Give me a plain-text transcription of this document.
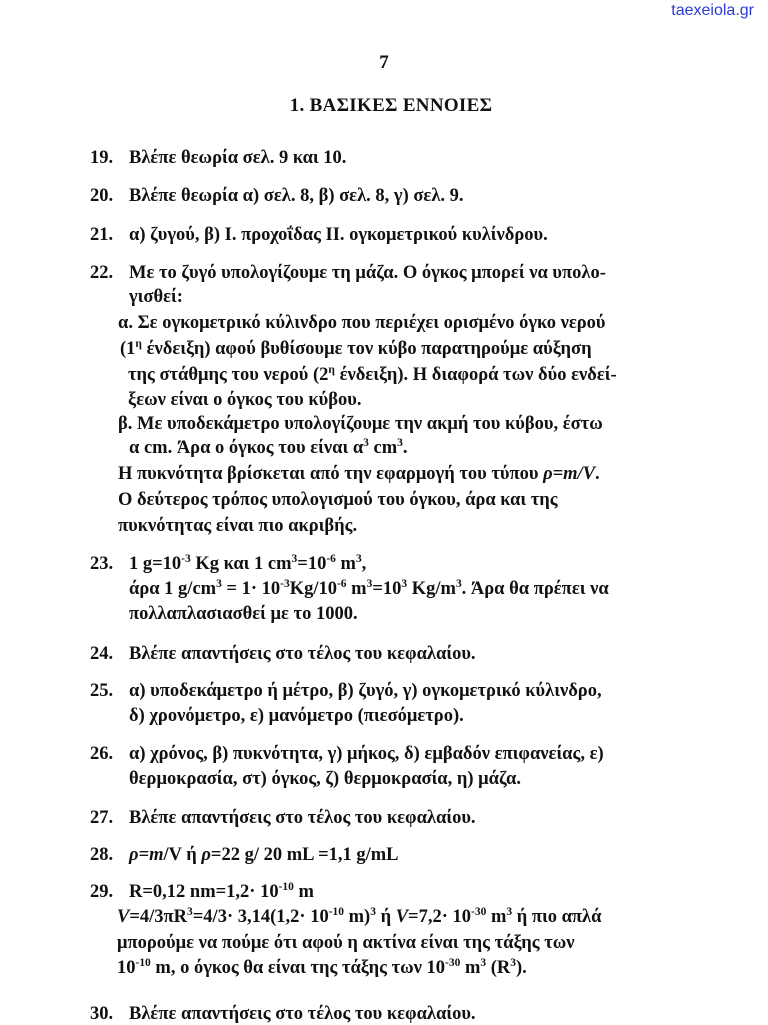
taexeiola.gr
7
1. ΒΑΣΙΚΕΣ ΕΝΝΟΙΕΣ
19. Βλέπε θεωρία σελ. 9 και 10.
20. Βλέπε θεωρία α) σελ. 8, β) σελ. 8, γ) σελ. 9.
21. α) ζυγού, β) Ι. προχοΐδας ΙΙ. ογκομετρικού κυλίνδρου.
22. Με το ζυγό υπολογίζουμε τη μάζα. Ο όγκος μπορεί να υπολο-
γισθεί:
α. Σε ογκομετρικό κύλινδρο που περιέχει ορισμένο όγκο νερού
($1^\eta$ ένδειξη) αφού βυθίσουμε τον κύβο παρατηρούμε αύξηση
της στάθμης του νερού ($2^\eta$ ένδειξη). Η διαφορά των δύο ενδεί-
ξεων είναι ο όγκος του κύβου.
β. Με υποδεκάμετρο υπολογίζουμε την ακμή του κύβου, έστω
α cm. Άρα ο όγκος του είναι $\alpha^3$ $cm^3$.
Η πυκνότητα βρίσκεται από την εφαρμογή του τύπου ρ=m/V.
Ο δεύτερος τρόπος υπολογισμού του όγκου, άρα και της
πυκνότητας είναι πιο ακριβής.
23. 1 $g=10^{-3}$ Kg και 1 $cm^3=10^{-6}$ $m^3$,
άρα 1 $g/cm^3 = 1\cdot 10^{-3}Kg/10^{-6}$ $m^3=10^3$ $Kg/m^3$. Άρα θα πρέπει να
πολλαπλασιασθεί με το 1000.
24. Βλέπε απαντήσεις στο τέλος του κεφαλαίου.
25. α) υποδεκάμετρο ή μέτρο, β) ζυγό, γ) ογκομετρικό κύλινδρο,
δ) χρονόμετρο, ε) μανόμετρο (πιεσόμετρο).
26. α) χρόνος, β) πυκνότητα, γ) μήκος, δ) εμβαδόν επιφανείας, ε)
θερμοκρασία, στ) όγκος, ζ) θερμοκρασία, η) μάζα.
27. Βλέπε απαντήσεις στο τέλος του κεφαλαίου.
28. ρ=m/V ή ρ=22 g/ 20 mL =1,1 g/mL
29. R=0,12 $nm=1,2\cdot 10^{-10}$ m
$V=4/3\pi R^3=4/3\cdot 3,14(1,2\cdot 10^{-10}$ m)$^3$ ή $V=7,2\cdot 10^{-30}$ $m^3$ ή πιο απλά
μπορούμε να πούμε ότι αφού η ακτίνα είναι της τάξης των
$10^{-10}$ m, ο όγκος θα είναι της τάξης των $10^{-30}$ $m^3$ $(R^3)$.
30. Βλέπε απαντήσεις στο τέλος του κεφαλαίου.
